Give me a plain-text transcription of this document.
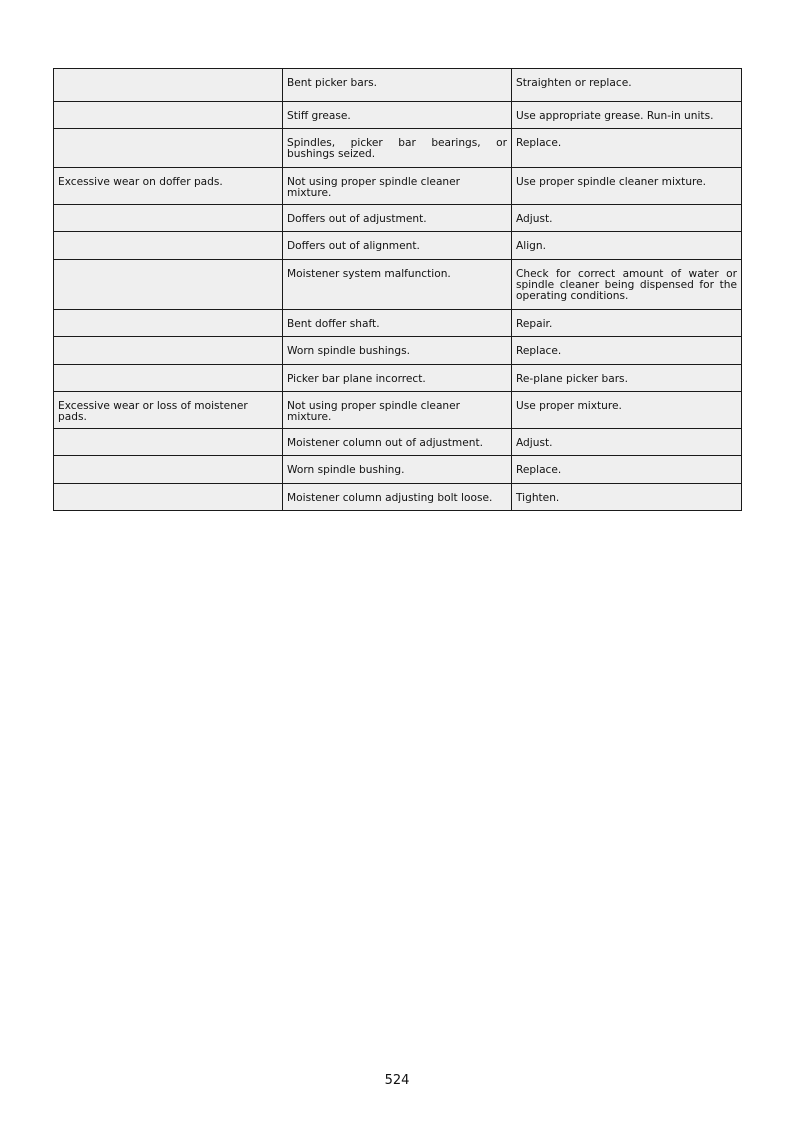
	Bent picker bars.	Straighten or replace.
	Stiff grease.	Use appropriate grease. Run-in units.
	Spindles, picker bar bearings, or bushings seized.	Replace.
Excessive wear on doffer pads.	Not using proper spindle cleaner mixture.	Use proper spindle cleaner mixture.
	Doffers out of adjustment.	Adjust.
	Doffers out of alignment.	Align.
	Moistener system malfunction.	Check for correct amount of water or spindle cleaner being dispensed for the operating conditions.
	Bent doffer shaft.	Repair.
	Worn spindle bushings.	Replace.
	Picker bar plane incorrect.	Re-plane picker bars.
Excessive wear or loss of moistener pads.	Not using proper spindle cleaner mixture.	Use proper mixture.
	Moistener column out of adjustment.	Adjust.
	Worn spindle bushing.	Replace.
	Moistener column adjusting bolt loose.	Tighten.
524
